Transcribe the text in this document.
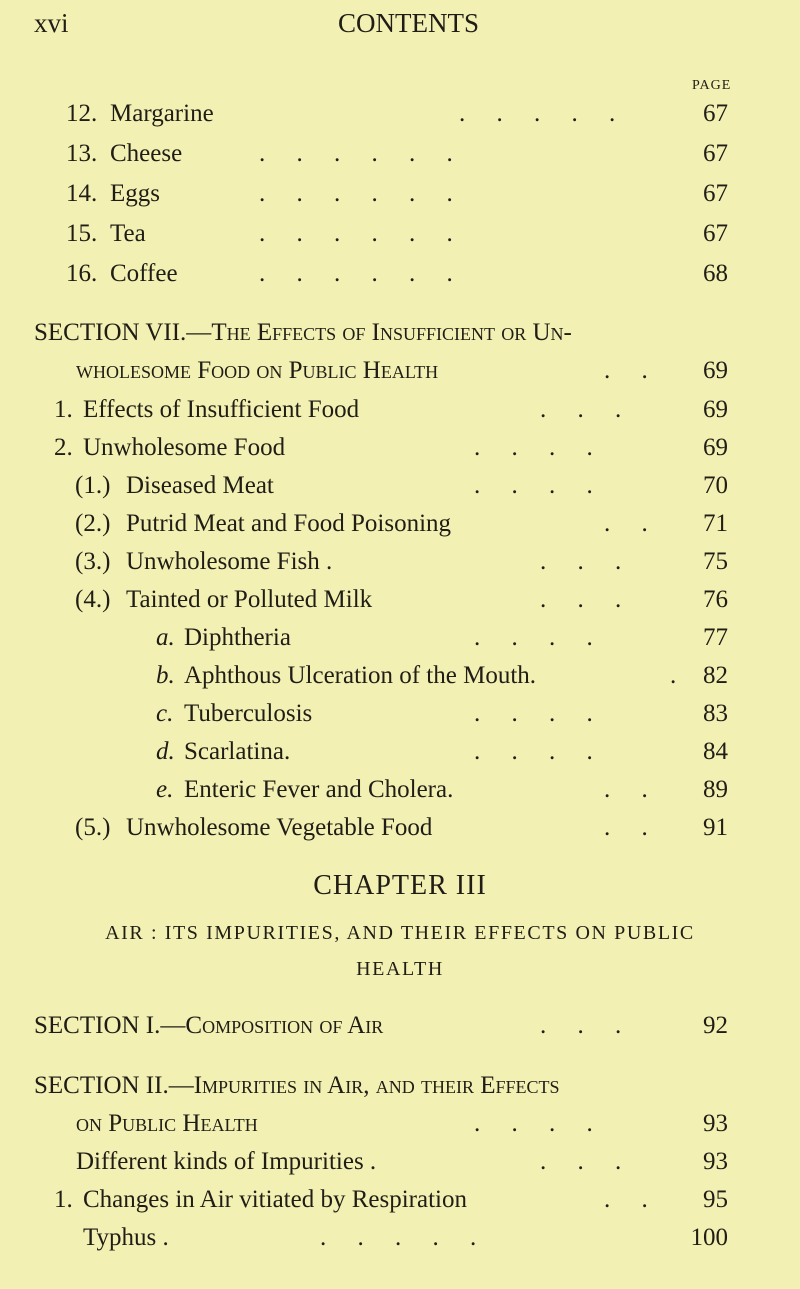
xvi	CONTENTS
PAGE
12. Margarine	.     .     .     .     .	67
13. Cheese	.     .     .     .     .     .	67
14. Eggs	.     .     .     .     .     .	67
15. Tea	.     .     .     .     .     .	67
16. Coffee	.     .     .     .     .     .	68
SECTION VII.—The Effects of Insufficient or Un-
wholesome Food on Public Health	.     . 69
1. Effects of Insufficient Food	.     .     .	69
2. Unwholesome Food	.     .     .     .	69
(1.) Diseased Meat	.     .     .     .	70
(2.) Putrid Meat and Food Poisoning	.     . 71
(3.) Unwholesome Fish .	.     .     .	75
(4.) Tainted or Polluted Milk	.     .     .	76
a. Diphtheria	.     .     .     .	77
b. Aphthous Ulceration of the Mouth.	. 82
c. Tuberculosis	.     .     .     .	83
d. Scarlatina.	.     .     .     .	84
e. Enteric Fever and Cholera.	.     . 89
(5.) Unwholesome Vegetable Food	.     . 91
CHAPTER III
AIR : ITS IMPURITIES, AND THEIR EFFECTS ON PUBLIC
HEALTH
SECTION I.—Composition of Air	.     .     .	92
SECTION II.—Impurities in Air, and their Effects
on Public Health	.     .     .     .	93
Different kinds of Impurities .	.     .     .	93
1. Changes in Air vitiated by Respiration	.     . 95
Typhus .	.     .     .     .     .	100
